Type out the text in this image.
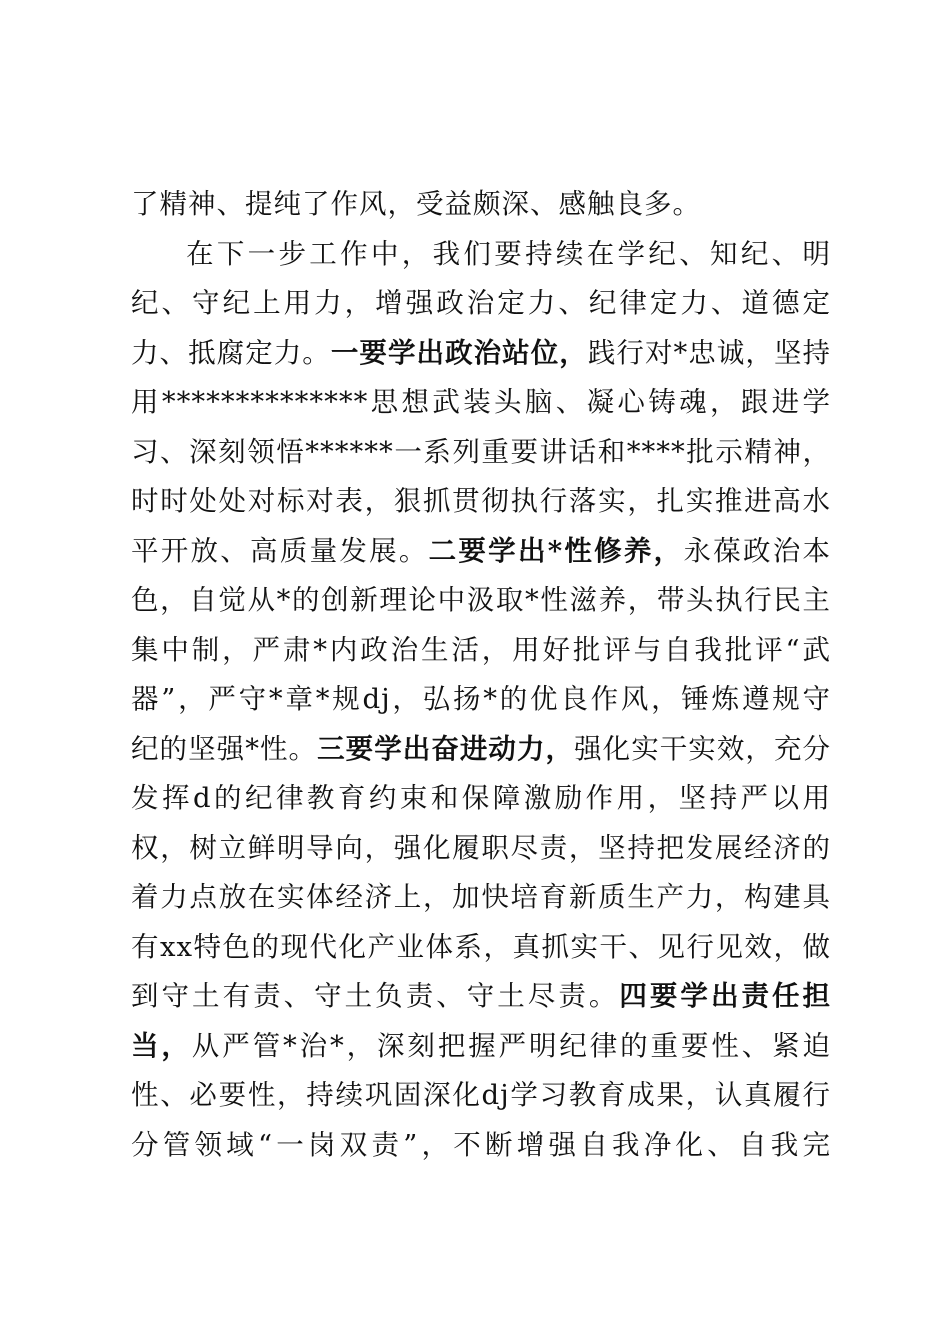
了精神、提纯了作风，受益颇深、感触良多。
在下一步工作中，我们要持续在学纪、知纪、明
纪、守纪上用力，增强政治定力、纪律定力、道德定
力、抵腐定力。一要学出政治站位，践行对*忠诚，坚持
用**************思想武装头脑、凝心铸魂，跟进学
习、深刻领悟******一系列重要讲话和****批示精神，
时时处处对标对表，狠抓贯彻执行落实，扎实推进高水
平开放、高质量发展。二要学出*性修养，永葆政治本
色，自觉从*的创新理论中汲取*性滋养，带头执行民主
集中制，严肃*内政治生活，用好批评与自我批评“武
器”，严守*章*规dj，弘扬*的优良作风，锤炼遵规守
纪的坚强*性。三要学出奋进动力，强化实干实效，充分
发挥d的纪律教育约束和保障激励作用，坚持严以用
权，树立鲜明导向，强化履职尽责，坚持把发展经济的
着力点放在实体经济上，加快培育新质生产力，构建具
有xx特色的现代化产业体系，真抓实干、见行见效，做
到守土有责、守土负责、守土尽责。四要学出责任担
当，从严管*治*，深刻把握严明纪律的重要性、紧迫
性、必要性，持续巩固深化dj学习教育成果，认真履行
分管领域“一岗双责”，不断增强自我净化、自我完
